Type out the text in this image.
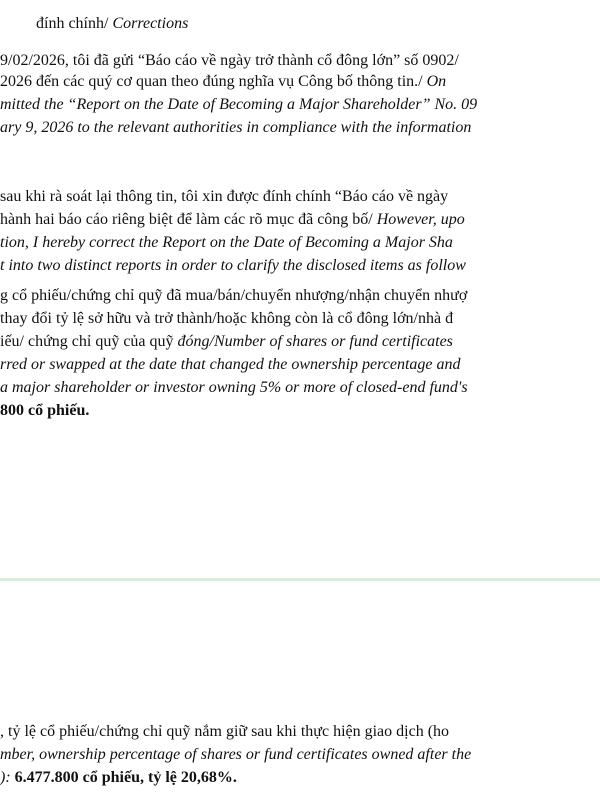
đính chính/ Corrections
9/02/2026, tôi đã gửi “Báo cáo về ngày trở thành cổ đông lớn” số 0902/
2026 đến các quý cơ quan theo đúng nghĩa vụ Công bố thông tin./ On
mitted the “Report on the Date of Becoming a Major Shareholder” No. 09
ary 9, 2026 to the relevant authorities in compliance with the information
sau khi rà soát lại thông tin, tôi xin được đính chính “Báo cáo về ngày
hành hai báo cáo riêng biệt để làm các rõ mục đã công bố/ However, upo
tion, I hereby correct the Report on the Date of Becoming a Major Sha
t into two distinct reports in order to clarify the disclosed items as follow
g cổ phiếu/chứng chỉ quỹ đã mua/bán/chuyển nhượng/nhận chuyển nhượ
thay đổi tỷ lệ sở hữu và trở thành/hoặc không còn là cổ đông lớn/nhà đ
iếu/ chứng chỉ quỹ của quỹ đóng/Number of shares or fund certificates
rred or swapped at the date that changed the ownership percentage and
a major shareholder or investor owning 5% or more of closed-end fund's
800 cổ phiếu.
, tỷ lệ cổ phiếu/chứng chỉ quỹ nắm giữ sau khi thực hiện giao dịch (ho
mber, ownership percentage of shares or fund certificates owned after the
): 6.477.800 cổ phiếu, tỷ lệ 20,68%.
